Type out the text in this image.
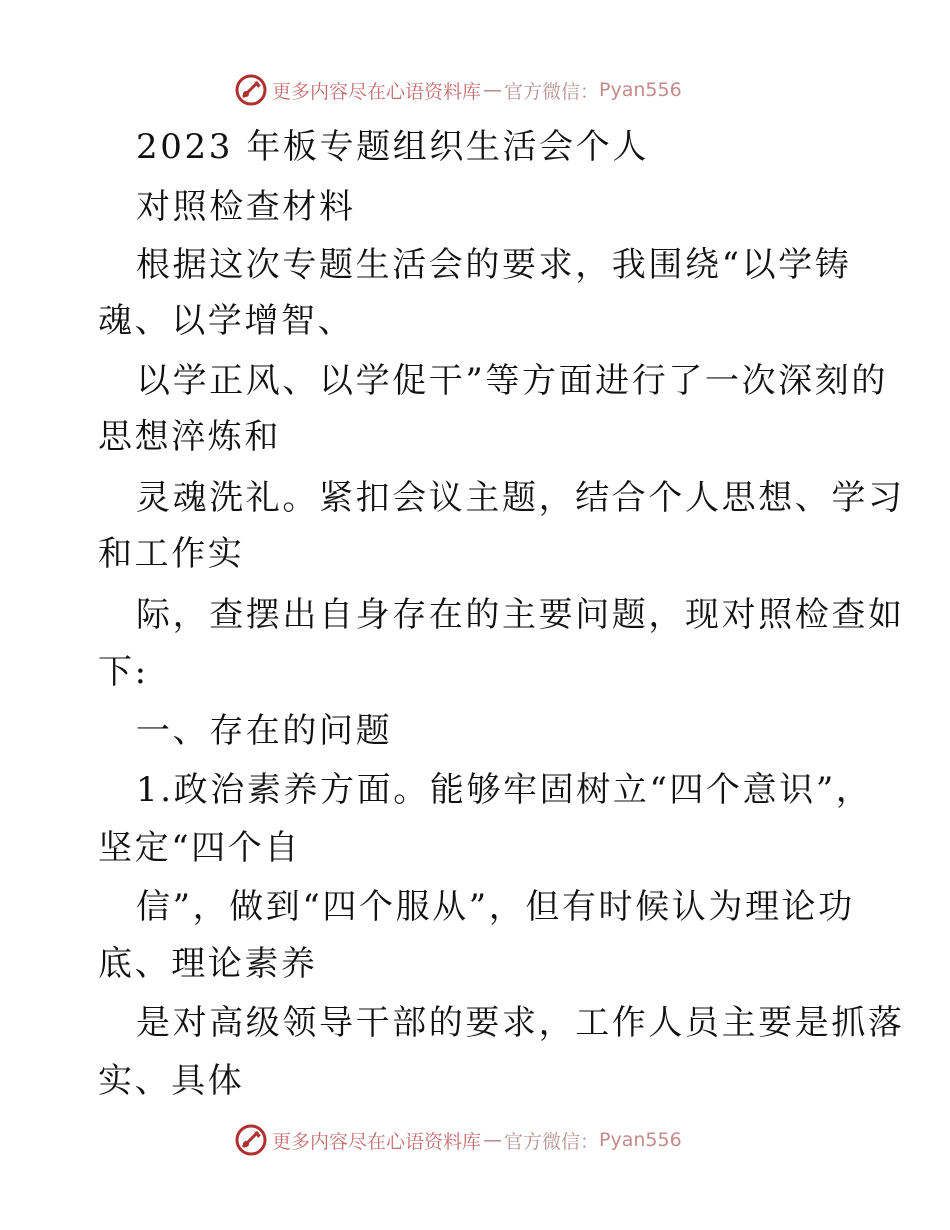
更多内容尽在心语资料库 — 官方微信： Pyan556
2023 年板专题组织生活会个人
对照检查材料
根据这次专题生活会的要求，我围绕“以学铸
魂、以学增智、
以学正风、以学促干”等方面进行了一次深刻的
思想淬炼和
灵魂洗礼。紧扣会议主题，结合个人思想、学习
和工作实
际，查摆出自身存在的主要问题，现对照检查如
下:
一、存在的问题
1.政治素养方面。能够牢固树立“四个意识”，
坚定“四个自
信”，做到“四个服从”，但有时候认为理论功
底、理论素养
是对高级领导干部的要求，工作人员主要是抓落
实、具体
更多内容尽在心语资料库 — 官方微信： Pyan556
